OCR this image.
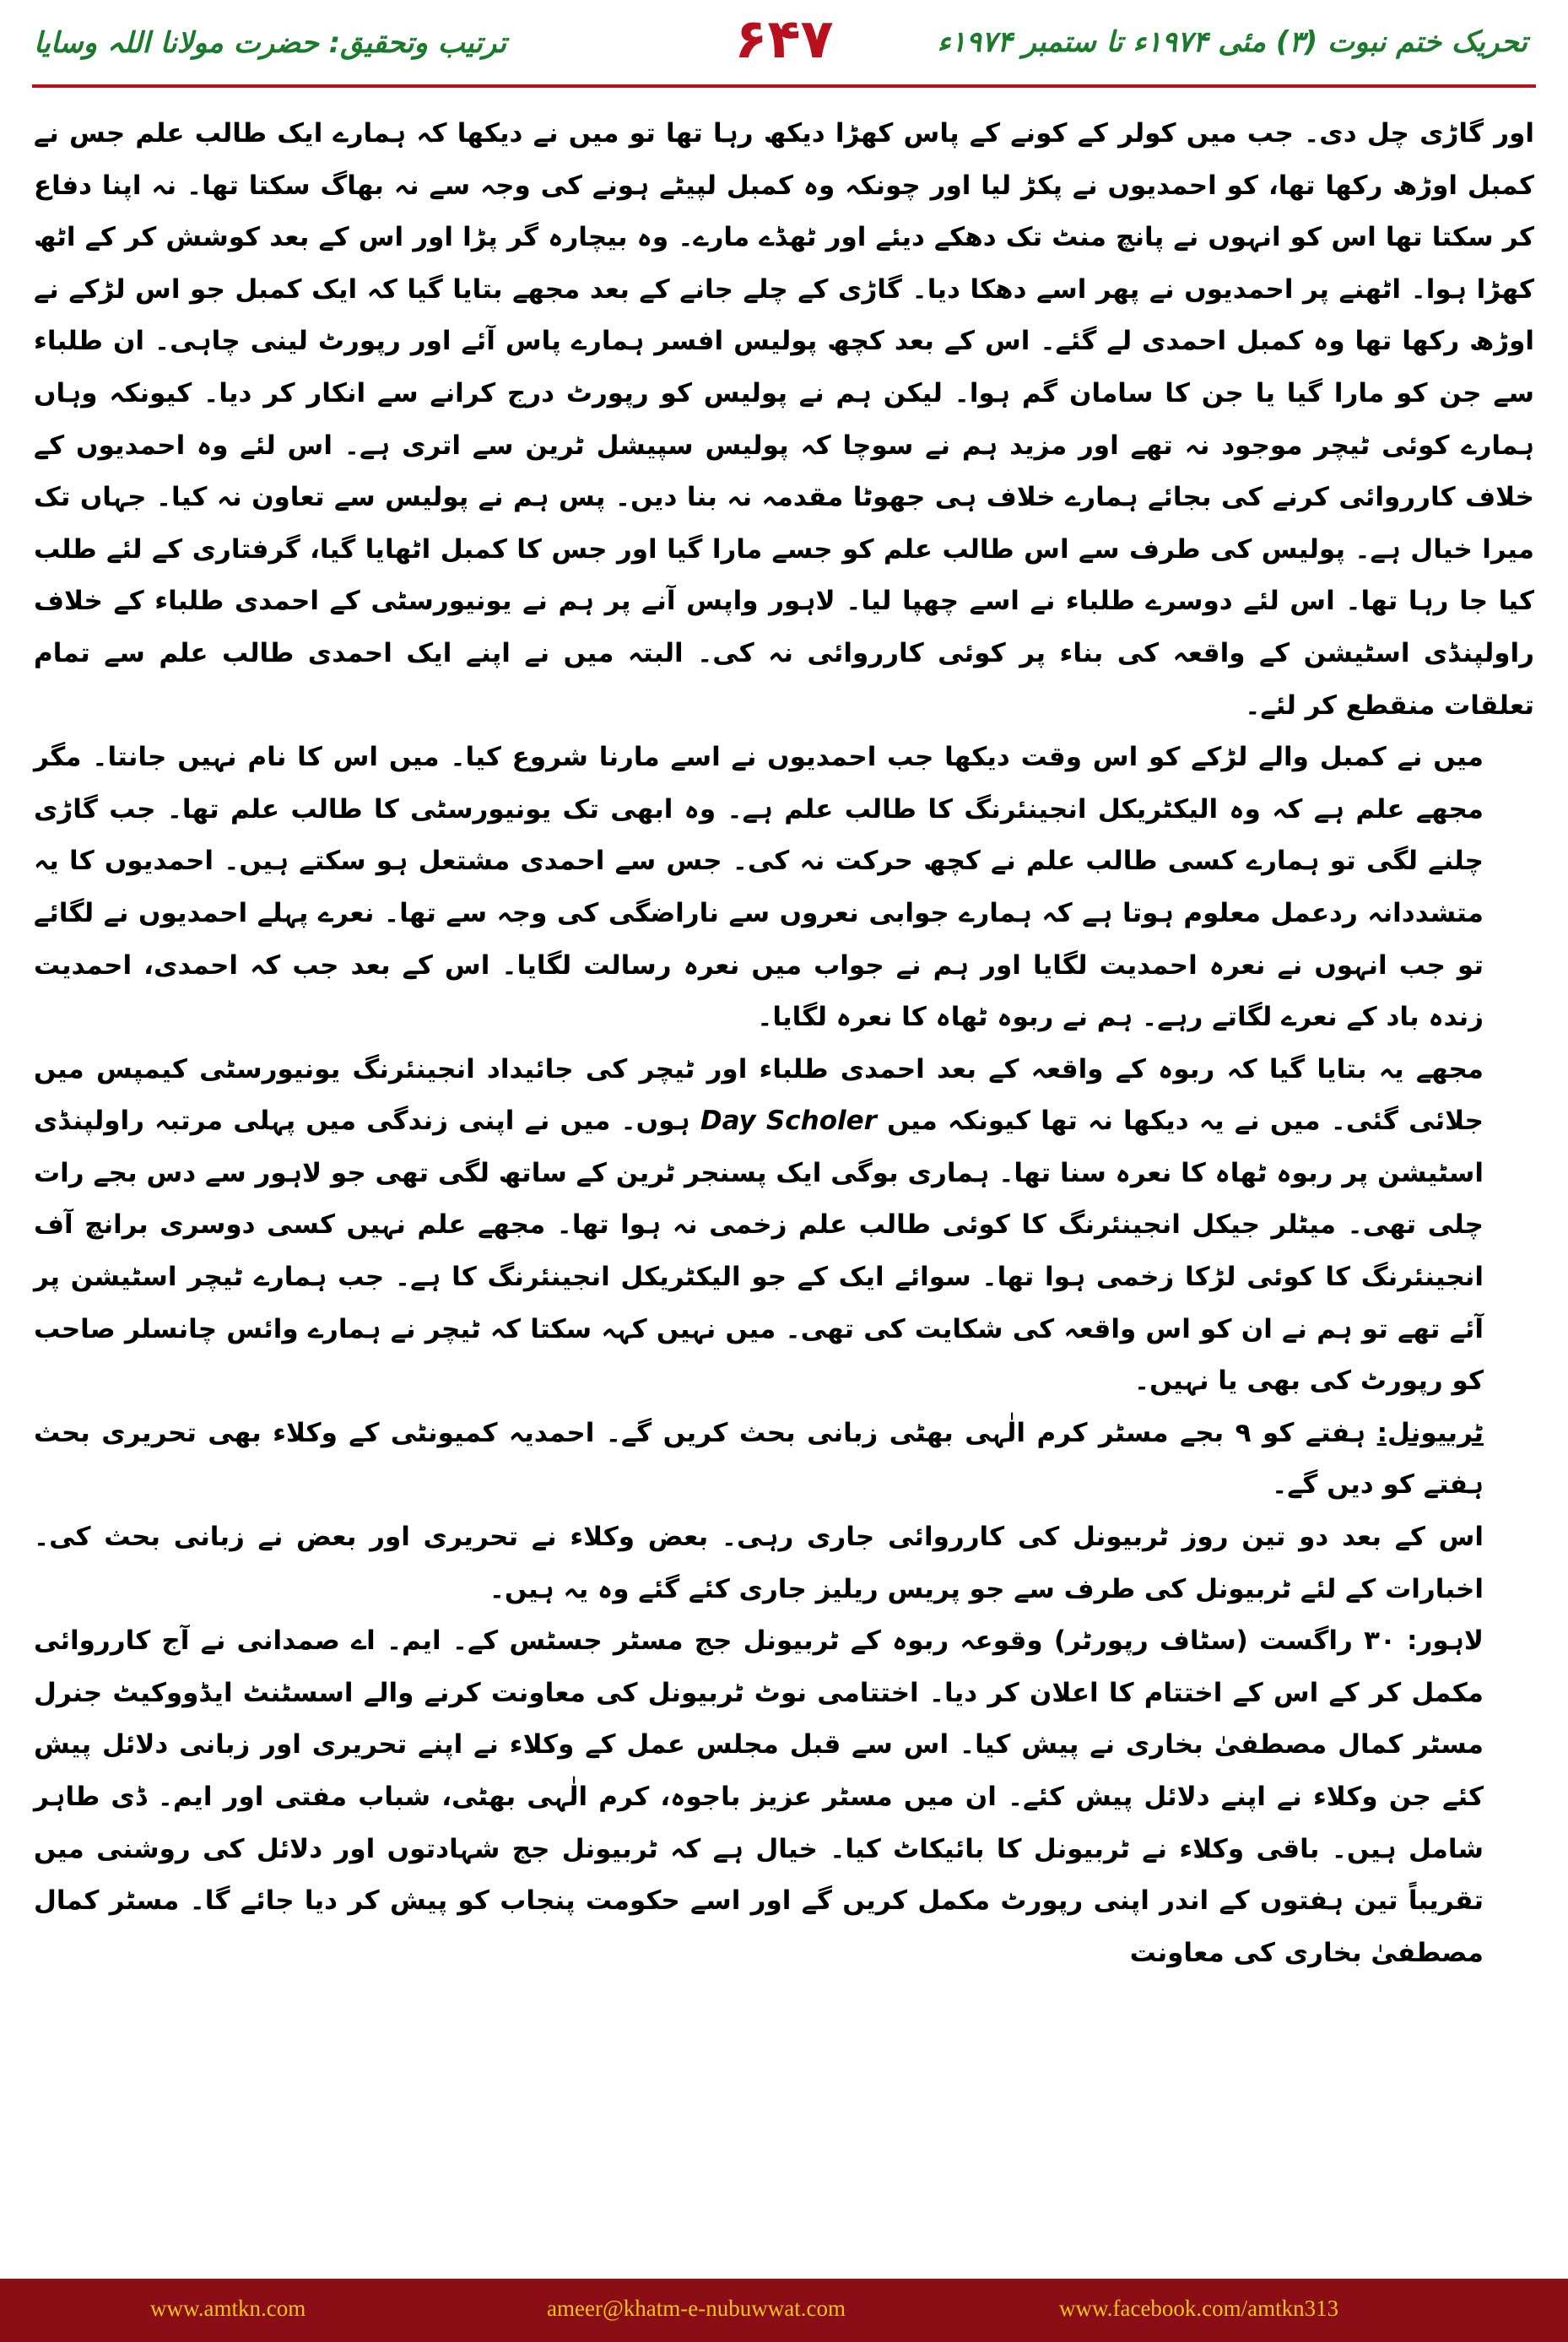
تحریک ختم نبوت (۳) مئی ۱۹۷۴ء تا ستمبر ۱۹۷۴ء
۶۴۷
ترتیب وتحقیق: حضرت مولانا اللہ وسایا

اور گاڑی چل دی۔ جب میں کولر کے کونے کے پاس کھڑا دیکھ رہا تھا تو میں نے دیکھا کہ ہمارے ایک طالب علم جس نے کمبل اوڑھ رکھا تھا، کو احمدیوں نے پکڑ لیا اور چونکہ وہ کمبل لپیٹے ہونے کی وجہ سے نہ بھاگ سکتا تھا۔ نہ اپنا دفاع کر سکتا تھا اس کو انہوں نے پانچ منٹ تک دھکے دیئے اور ٹھڈے مارے۔ وہ بیچارہ گر پڑا اور اس کے بعد کوشش کر کے اٹھ کھڑا ہوا۔ اٹھنے پر احمدیوں نے پھر اسے دھکا دیا۔ گاڑی کے چلے جانے کے بعد مجھے بتایا گیا کہ ایک کمبل جو اس لڑکے نے اوڑھ رکھا تھا وہ کمبل احمدی لے گئے۔ اس کے بعد کچھ پولیس افسر ہمارے پاس آئے اور رپورٹ لینی چاہی۔ ان طلباء سے جن کو مارا گیا یا جن کا سامان گم ہوا۔ لیکن ہم نے پولیس کو رپورٹ درج کرانے سے انکار کر دیا۔ کیونکہ وہاں ہمارے کوئی ٹیچر موجود نہ تھے اور مزید ہم نے سوچا کہ پولیس سپیشل ٹرین سے اتری ہے۔ اس لئے وہ احمدیوں کے خلاف کارروائی کرنے کی بجائے ہمارے خلاف ہی جھوٹا مقدمہ نہ بنا دیں۔ پس ہم نے پولیس سے تعاون نہ کیا۔ جہاں تک میرا خیال ہے۔ پولیس کی طرف سے اس طالب علم کو جسے مارا گیا اور جس کا کمبل اٹھایا گیا، گرفتاری کے لئے طلب کیا جا رہا تھا۔ اس لئے دوسرے طلباء نے اسے چھپا لیا۔ لاہور واپس آنے پر ہم نے یونیورسٹی کے احمدی طلباء کے خلاف راولپنڈی اسٹیشن کے واقعہ کی بناء پر کوئی کارروائی نہ کی۔ البتہ میں نے اپنے ایک احمدی طالب علم سے تمام تعلقات منقطع کر لئے۔

میں نے کمبل والے لڑکے کو اس وقت دیکھا جب احمدیوں نے اسے مارنا شروع کیا۔ میں اس کا نام نہیں جانتا۔ مگر مجھے علم ہے کہ وہ الیکٹریکل انجینئرنگ کا طالب علم ہے۔ وہ ابھی تک یونیورسٹی کا طالب علم تھا۔ جب گاڑی چلنے لگی تو ہمارے کسی طالب علم نے کچھ حرکت نہ کی۔ جس سے احمدی مشتعل ہو سکتے ہیں۔ احمدیوں کا یہ متشددانہ ردعمل معلوم ہوتا ہے کہ ہمارے جوابی نعروں سے ناراضگی کی وجہ سے تھا۔ نعرے پہلے احمدیوں نے لگائے تو جب انہوں نے نعرہ احمدیت لگایا اور ہم نے جواب میں نعرہ رسالت لگایا۔ اس کے بعد جب کہ احمدی، احمدیت زندہ باد کے نعرے لگاتے رہے۔ ہم نے ربوہ ٹھاہ کا نعرہ لگایا۔

مجھے یہ بتایا گیا کہ ربوہ کے واقعہ کے بعد احمدی طلباء اور ٹیچر کی جائیداد انجینئرنگ یونیورسٹی کیمپس میں جلائی گئی۔ میں نے یہ دیکھا نہ تھا کیونکہ میں Day Scholer ہوں۔ میں نے اپنی زندگی میں پہلی مرتبہ راولپنڈی اسٹیشن پر ربوہ ٹھاہ کا نعرہ سنا تھا۔ ہماری بوگی ایک پسنجر ٹرین کے ساتھ لگی تھی جو لاہور سے دس بجے رات چلی تھی۔ میٹلر جیکل انجینئرنگ کا کوئی طالب علم زخمی نہ ہوا تھا۔ مجھے علم نہیں کسی دوسری برانچ آف انجینئرنگ کا کوئی لڑکا زخمی ہوا تھا۔ سوائے ایک کے جو الیکٹریکل انجینئرنگ کا ہے۔ جب ہمارے ٹیچر اسٹیشن پر آئے تھے تو ہم نے ان کو اس واقعہ کی شکایت کی تھی۔ میں نہیں کہہ سکتا کہ ٹیچر نے ہمارے وائس چانسلر صاحب کو رپورٹ کی بھی یا نہیں۔

ٹربیونل: ہفتے کو ۹ بجے مسٹر کرم الٰہی بھٹی زبانی بحث کریں گے۔ احمدیہ کمیونٹی کے وکلاء بھی تحریری بحث ہفتے کو دیں گے۔

اس کے بعد دو تین روز ٹربیونل کی کارروائی جاری رہی۔ بعض وکلاء نے تحریری اور بعض نے زبانی بحث کی۔ اخبارات کے لئے ٹربیونل کی طرف سے جو پریس ریلیز جاری کئے گئے وہ یہ ہیں۔

لاہور: ۳۰ راگست (سٹاف رپورٹر) وقوعہ ربوہ کے ٹربیونل جج مسٹر جسٹس کے۔ ایم۔ اے صمدانی نے آج کارروائی مکمل کر کے اس کے اختتام کا اعلان کر دیا۔ اختتامی نوٹ ٹربیونل کی معاونت کرنے والے اسسٹنٹ ایڈووکیٹ جنرل مسٹر کمال مصطفیٰ بخاری نے پیش کیا۔ اس سے قبل مجلس عمل کے وکلاء نے اپنے تحریری اور زبانی دلائل پیش کئے جن وکلاء نے اپنے دلائل پیش کئے۔ ان میں مسٹر عزیز باجوہ، کرم الٰہی بھٹی، شباب مفتی اور ایم۔ ڈی طاہر شامل ہیں۔ باقی وکلاء نے ٹربیونل کا بائیکاٹ کیا۔ خیال ہے کہ ٹربیونل جج شہادتوں اور دلائل کی روشنی میں تقریباً تین ہفتوں کے اندر اپنی رپورٹ مکمل کریں گے اور اسے حکومت پنجاب کو پیش کر دیا جائے گا۔ مسٹر کمال مصطفیٰ بخاری کی معاونت

www.amtkn.com	ameer@khatm-e-nubuwwat.com	www.facebook.com/amtkn313
